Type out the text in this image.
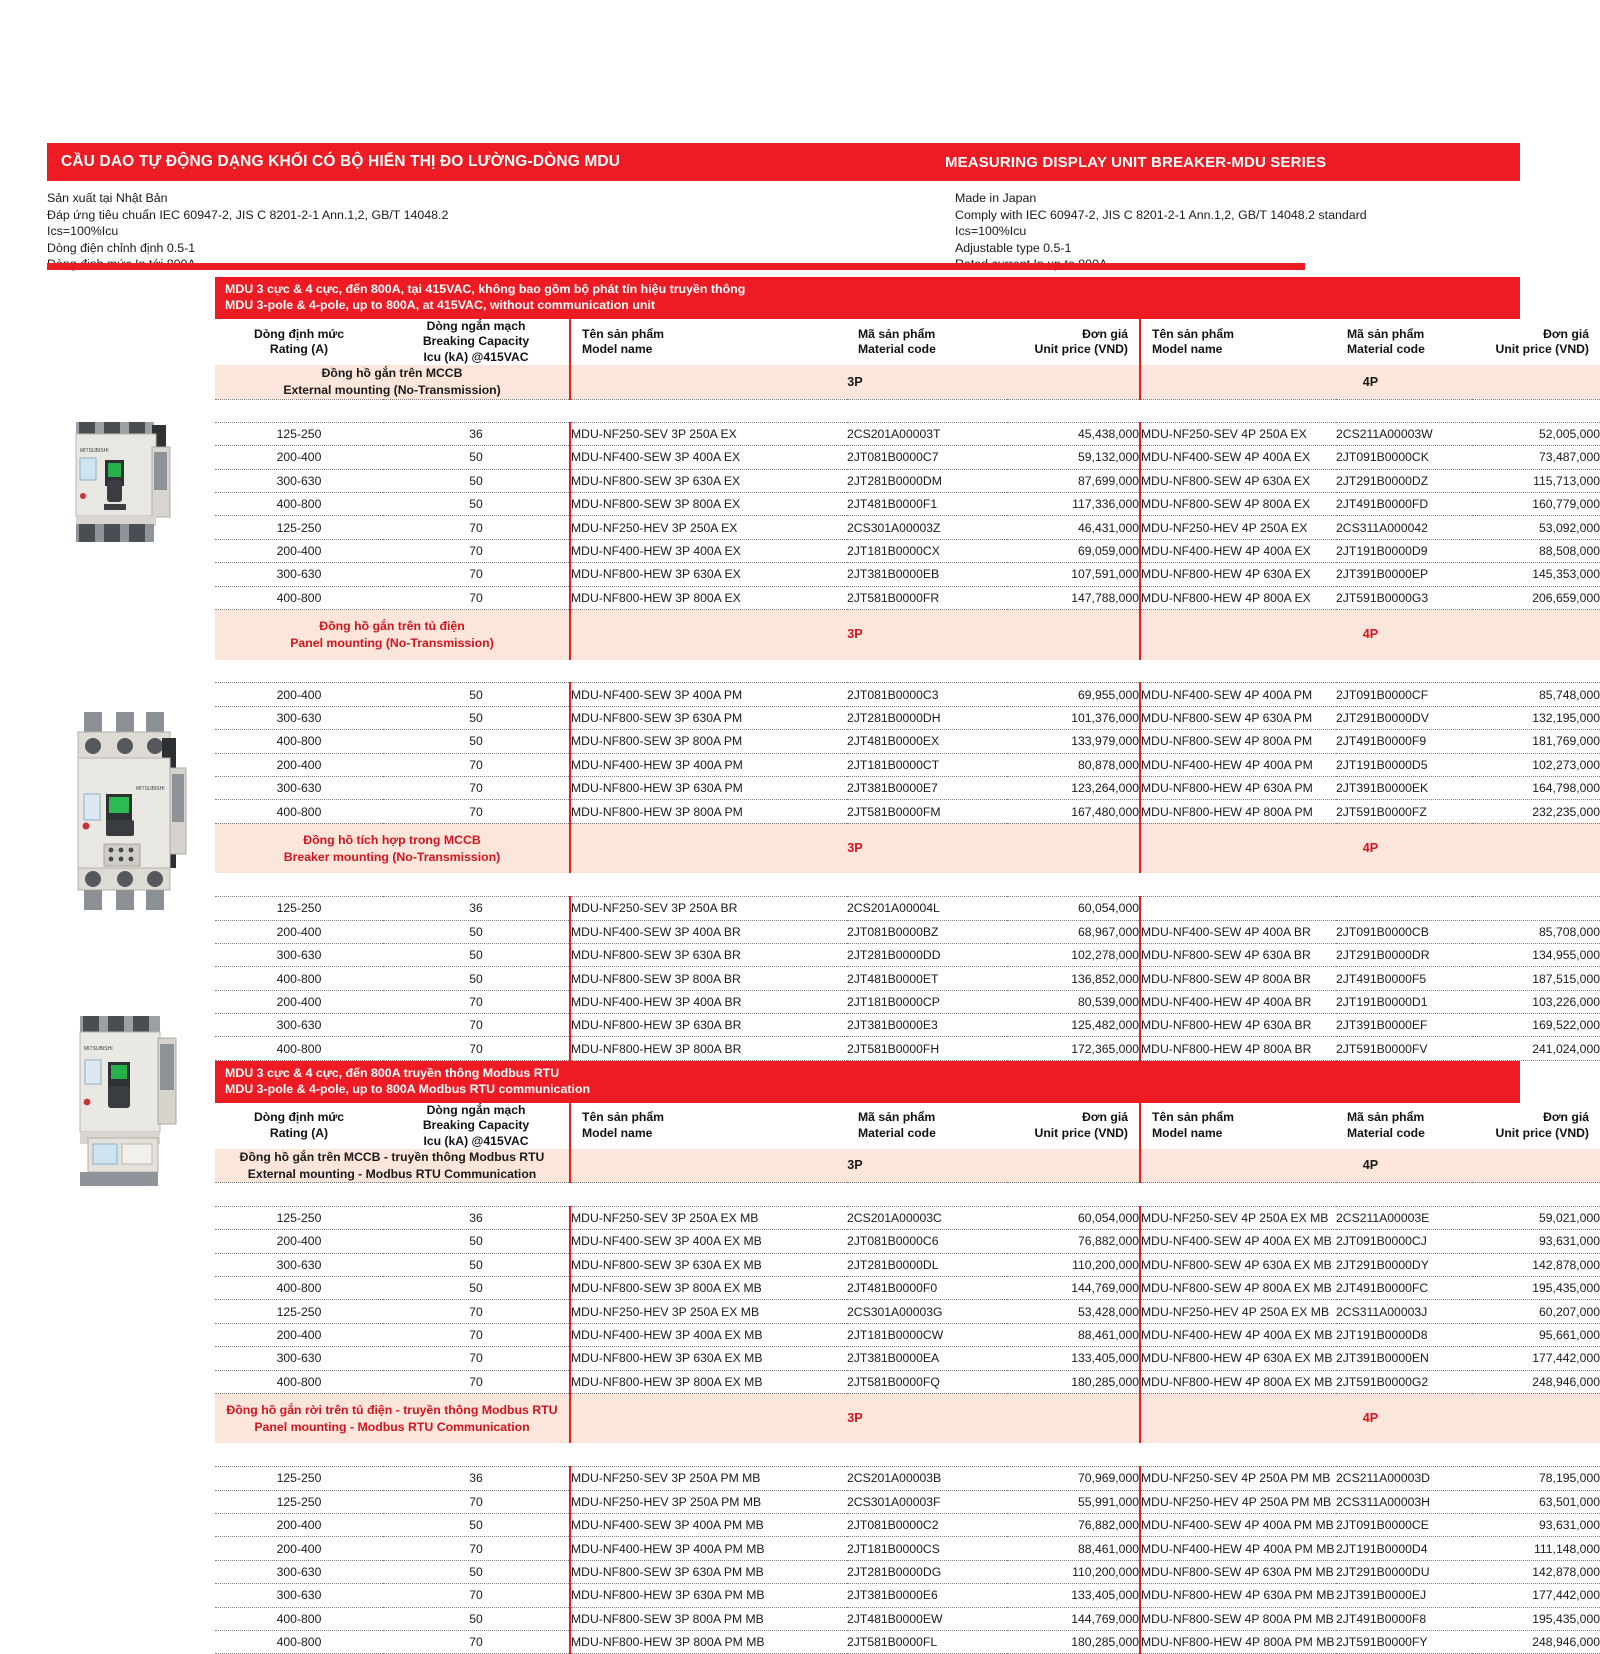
CẦU DAO TỰ ĐỘNG DẠNG KHỐI CÓ BỘ HIỂN THỊ ĐO LƯỜNG-DÒNG MDU	MEASURING DISPLAY UNIT BREAKER-MDU SERIES
Sản xuất tại Nhật Bản
Đáp ứng tiêu chuẩn IEC 60947-2, JIS C 8201-2-1 Ann.1,2, GB/T 14048.2
Ics=100%Icu
Dòng điện chỉnh định 0.5-1
Made in Japan
Comply with IEC 60947-2, JIS C 8201-2-1 Ann.1,2, GB/T 14048.2 standard
Ics=100%Icu
Adjustable type 0.5-1
MITSUBISHI
MITSUBISHI
MITSUBISHI
MDU 3 cực & 4 cực, đến 800A, tại 415VAC, không bao gồm bộ phát tín hiệu truyền thông
MDU 3-pole & 4-pole, up to 800A, at 415VAC, without communication unit
Dòng định mức
Rating (A)

Dòng ngắn mạch
Breaking Capacity
Icu (kA) @415VAC

Tên sản phẩm
Model name

Mã sản phẩm
Material code

Đơn giá
Unit price (VND)

Tên sản phẩm
Model name

Mã sản phẩm
Material code

Đơn giá
Unit price (VND)

Đồng hồ gắn trên MCCB
External mounting (No-Transmission)		3P			4P		

125-250	36	MDU-NF250-SEV 3P 250A EX	2CS201A00003T	45,438,000	MDU-NF250-SEV 4P 250A EX	2CS211A00003W	52,005,000
200-400	50	MDU-NF400-SEW 3P 400A EX	2JT081B0000C7	59,132,000	MDU-NF400-SEW 4P 400A EX	2JT091B0000CK	73,487,000
300-630	50	MDU-NF800-SEW 3P 630A EX	2JT281B0000DM	87,699,000	MDU-NF800-SEW 4P 630A EX	2JT291B0000DZ	115,713,000
400-800	50	MDU-NF800-SEW 3P 800A EX	2JT481B0000F1	117,336,000	MDU-NF800-SEW 4P 800A EX	2JT491B0000FD	160,779,000
125-250	70	MDU-NF250-HEV 3P 250A EX	2CS301A00003Z	46,431,000	MDU-NF250-HEV 4P 250A EX	2CS311A000042	53,092,000
200-400	70	MDU-NF400-HEW 3P 400A EX	2JT181B0000CX	69,059,000	MDU-NF400-HEW 4P 400A EX	2JT191B0000D9	88,508,000
300-630	70	MDU-NF800-HEW 3P 630A EX	2JT381B0000EB	107,591,000	MDU-NF800-HEW 4P 630A EX	2JT391B0000EP	145,353,000
400-800	70	MDU-NF800-HEW 3P 800A EX	2JT581B0000FR	147,788,000	MDU-NF800-HEW 4P 800A EX	2JT591B0000G3	206,659,000

Đồng hồ gắn trên tủ điện
Panel mounting (No-Transmission)		3P			4P		

200-400	50	MDU-NF400-SEW 3P 400A PM	2JT081B0000C3	69,955,000	MDU-NF400-SEW 4P 400A PM	2JT091B0000CF	85,748,000
300-630	50	MDU-NF800-SEW 3P 630A PM	2JT281B0000DH	101,376,000	MDU-NF800-SEW 4P 630A PM	2JT291B0000DV	132,195,000
400-800	50	MDU-NF800-SEW 3P 800A PM	2JT481B0000EX	133,979,000	MDU-NF800-SEW 4P 800A PM	2JT491B0000F9	181,769,000
200-400	70	MDU-NF400-HEW 3P 400A PM	2JT181B0000CT	80,878,000	MDU-NF400-HEW 4P 400A PM	2JT191B0000D5	102,273,000
300-630	70	MDU-NF800-HEW 3P 630A PM	2JT381B0000E7	123,264,000	MDU-NF800-HEW 4P 630A PM	2JT391B0000EK	164,798,000
400-800	70	MDU-NF800-HEW 3P 800A PM	2JT581B0000FM	167,480,000	MDU-NF800-HEW 4P 800A PM	2JT591B0000FZ	232,235,000

Đồng hồ tích hợp trong MCCB
Breaker mounting (No-Transmission)		3P			4P		

125-250	36	MDU-NF250-SEV 3P 250A BR	2CS201A00004L	60,054,000			
200-400	50	MDU-NF400-SEW 3P 400A BR	2JT081B0000BZ	68,967,000	MDU-NF400-SEW 4P 400A BR	2JT091B0000CB	85,708,000
300-630	50	MDU-NF800-SEW 3P 630A BR	2JT281B0000DD	102,278,000	MDU-NF800-SEW 4P 630A BR	2JT291B0000DR	134,955,000
400-800	50	MDU-NF800-SEW 3P 800A BR	2JT481B0000ET	136,852,000	MDU-NF800-SEW 4P 800A BR	2JT491B0000F5	187,515,000
200-400	70	MDU-NF400-HEW 3P 400A BR	2JT181B0000CP	80,539,000	MDU-NF400-HEW 4P 400A BR	2JT191B0000D1	103,226,000
300-630	70	MDU-NF800-HEW 3P 630A BR	2JT381B0000E3	125,482,000	MDU-NF800-HEW 4P 630A BR	2JT391B0000EF	169,522,000
400-800	70	MDU-NF800-HEW 3P 800A BR	2JT581B0000FH	172,365,000	MDU-NF800-HEW 4P 800A BR	2JT591B0000FV	241,024,000
MDU 3 cực & 4 cực, đến 800A truyền thông Modbus RTU
MDU 3-pole & 4-pole, up to 800A Modbus RTU communication
Dòng định mức
Rating (A)

Dòng ngắn mạch
Breaking Capacity
Icu (kA) @415VAC

Tên sản phẩm
Model name

Mã sản phẩm
Material code

Đơn giá
Unit price (VND)

Tên sản phẩm
Model name

Mã sản phẩm
Material code

Đơn giá
Unit price (VND)

Đồng hồ gắn trên MCCB - truyền thông Modbus RTU
External mounting - Modbus RTU Communication		3P			4P		

125-250	36	MDU-NF250-SEV 3P 250A EX MB	2CS201A00003C	60,054,000	MDU-NF250-SEV 4P 250A EX MB	2CS211A00003E	59,021,000
200-400	50	MDU-NF400-SEW 3P 400A EX MB	2JT081B0000C6	76,882,000	MDU-NF400-SEW 4P 400A EX MB	2JT091B0000CJ	93,631,000
300-630	50	MDU-NF800-SEW 3P 630A EX MB	2JT281B0000DL	110,200,000	MDU-NF800-SEW 4P 630A EX MB	2JT291B0000DY	142,878,000
400-800	50	MDU-NF800-SEW 3P 800A EX MB	2JT481B0000F0	144,769,000	MDU-NF800-SEW 4P 800A EX MB	2JT491B0000FC	195,435,000
125-250	70	MDU-NF250-HEV 3P 250A EX MB	2CS301A00003G	53,428,000	MDU-NF250-HEV 4P 250A EX MB	2CS311A00003J	60,207,000
200-400	70	MDU-NF400-HEW 3P 400A EX MB	2JT181B0000CW	88,461,000	MDU-NF400-HEW 4P 400A EX MB	2JT191B0000D8	95,661,000
300-630	70	MDU-NF800-HEW 3P 630A EX MB	2JT381B0000EA	133,405,000	MDU-NF800-HEW 4P 630A EX MB	2JT391B0000EN	177,442,000
400-800	70	MDU-NF800-HEW 3P 800A EX MB	2JT581B0000FQ	180,285,000	MDU-NF800-HEW 4P 800A EX MB	2JT591B0000G2	248,946,000

Đồng hồ gắn rời trên tủ điện - truyền thông Modbus RTU
Panel mounting - Modbus RTU Communication		3P			4P		

125-250	36	MDU-NF250-SEV 3P 250A PM MB	2CS201A00003B	70,969,000	MDU-NF250-SEV 4P 250A PM MB	2CS211A00003D	78,195,000
125-250	70	MDU-NF250-HEV 3P 250A PM MB	2CS301A00003F	55,991,000	MDU-NF250-HEV 4P 250A PM MB	2CS311A00003H	63,501,000
200-400	50	MDU-NF400-SEW 3P 400A PM MB	2JT081B0000C2	76,882,000	MDU-NF400-SEW 4P 400A PM MB	2JT091B0000CE	93,631,000
200-400	70	MDU-NF400-HEW 3P 400A PM MB	2JT181B0000CS	88,461,000	MDU-NF400-HEW 4P 400A PM MB	2JT191B0000D4	111,148,000
300-630	50	MDU-NF800-SEW 3P 630A PM MB	2JT281B0000DG	110,200,000	MDU-NF800-SEW 4P 630A PM MB	2JT291B0000DU	142,878,000
300-630	70	MDU-NF800-HEW 3P 630A PM MB	2JT381B0000E6	133,405,000	MDU-NF800-HEW 4P 630A PM MB	2JT391B0000EJ	177,442,000
400-800	50	MDU-NF800-SEW 3P 800A PM MB	2JT481B0000EW	144,769,000	MDU-NF800-SEW 4P 800A PM MB	2JT491B0000F8	195,435,000
400-800	70	MDU-NF800-HEW 3P 800A PM MB	2JT581B0000FL	180,285,000	MDU-NF800-HEW 4P 800A PM MB	2JT591B0000FY	248,946,000
